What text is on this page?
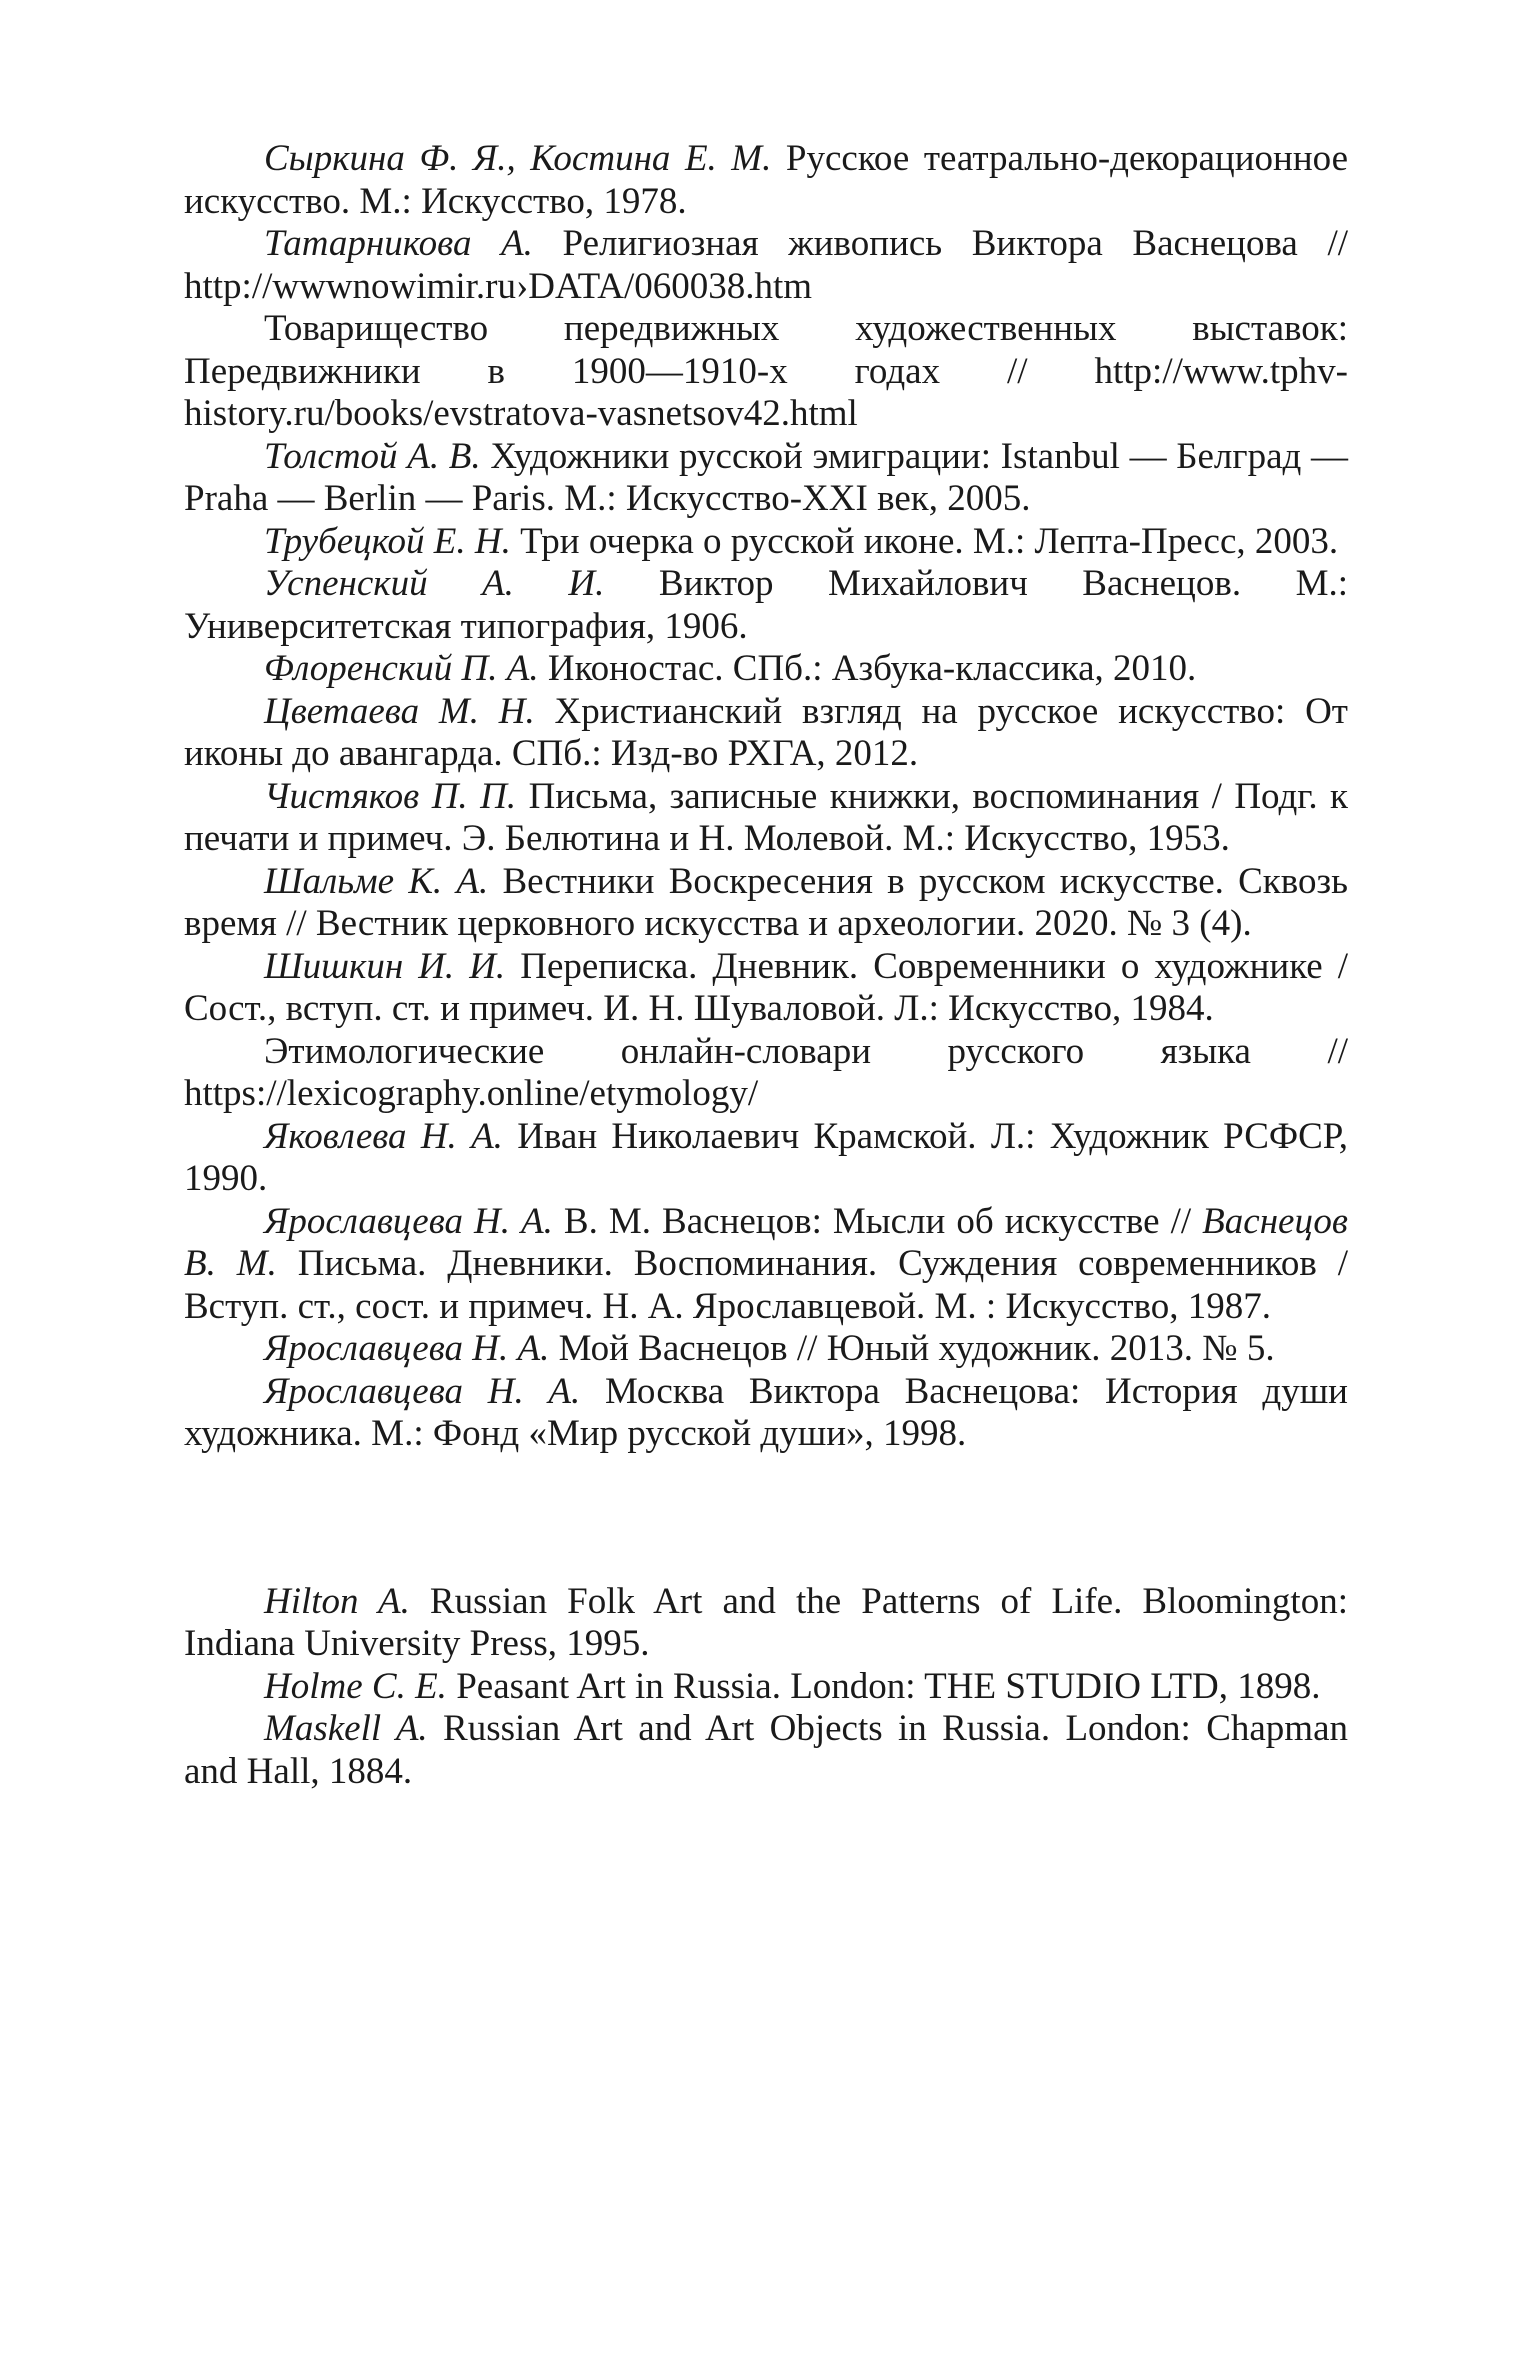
Сыркина Ф. Я., Костина Е. М. Русское театрально-декорационное искусство. М.: Искусство, 1978.

Татарникова А. Религиозная живопись Виктора Васнецова // http://wwwnowimir.ru›DATA/060038.htm

Товарищество передвижных художественных выставок: Передвижники в 1900—1910-х годах // http://www.tphv-history.ru/books/evstratova-vasnetsov42.html

Толстой А. В. Художники русской эмиграции: Istanbul — Белград — Praha — Berlin — Paris. М.: Искусство-XXI век, 2005.

Трубецкой Е. Н. Три очерка о русской иконе. М.: Лепта-Пресс, 2003.

Успенский А. И. Виктор Михайлович Васнецов. М.: Университетская типография, 1906.

Флоренский П. А. Иконостас. СПб.: Азбука-классика, 2010.

Цветаева М. Н. Христианский взгляд на русское искусство: От иконы до авангарда. СПб.: Изд-во РХГА, 2012.

Чистяков П. П. Письма, записные книжки, воспоминания / Подг. к печати и примеч. Э. Белютина и Н. Молевой. М.: Искусство, 1953.

Шальме К. А. Вестники Воскресения в русском искусстве. Сквозь время // Вестник церковного искусства и археологии. 2020. № 3 (4).

Шишкин И. И. Переписка. Дневник. Современники о художнике / Сост., вступ. ст. и примеч. И. Н. Шуваловой. Л.: Искусство, 1984.

Этимологические онлайн-словари русского языка // https://lexicography.online/etymology/

Яковлева Н. А. Иван Николаевич Крамской. Л.: Художник РСФСР, 1990.

Ярославцева Н. А. В. М. Васнецов: Мысли об искусстве // Васнецов В. М. Письма. Дневники. Воспоминания. Суждения современников / Вступ. ст., сост. и примеч. Н. А. Ярославцевой. М. : Искусство, 1987.

Ярославцева Н. А. Мой Васнецов // Юный художник. 2013. № 5.

Ярославцева Н. А. Москва Виктора Васнецова: История души художника. М.: Фонд «Мир русской души», 1998.

Hilton A. Russian Folk Art and the Patterns of Life. Bloomington: Indiana University Press, 1995.

Holme C. E. Peasant Art in Russia. London: THE STUDIO LTD, 1898.

Maskell A. Russian Art and Art Objects in Russia. London: Chapman and Hall, 1884.
